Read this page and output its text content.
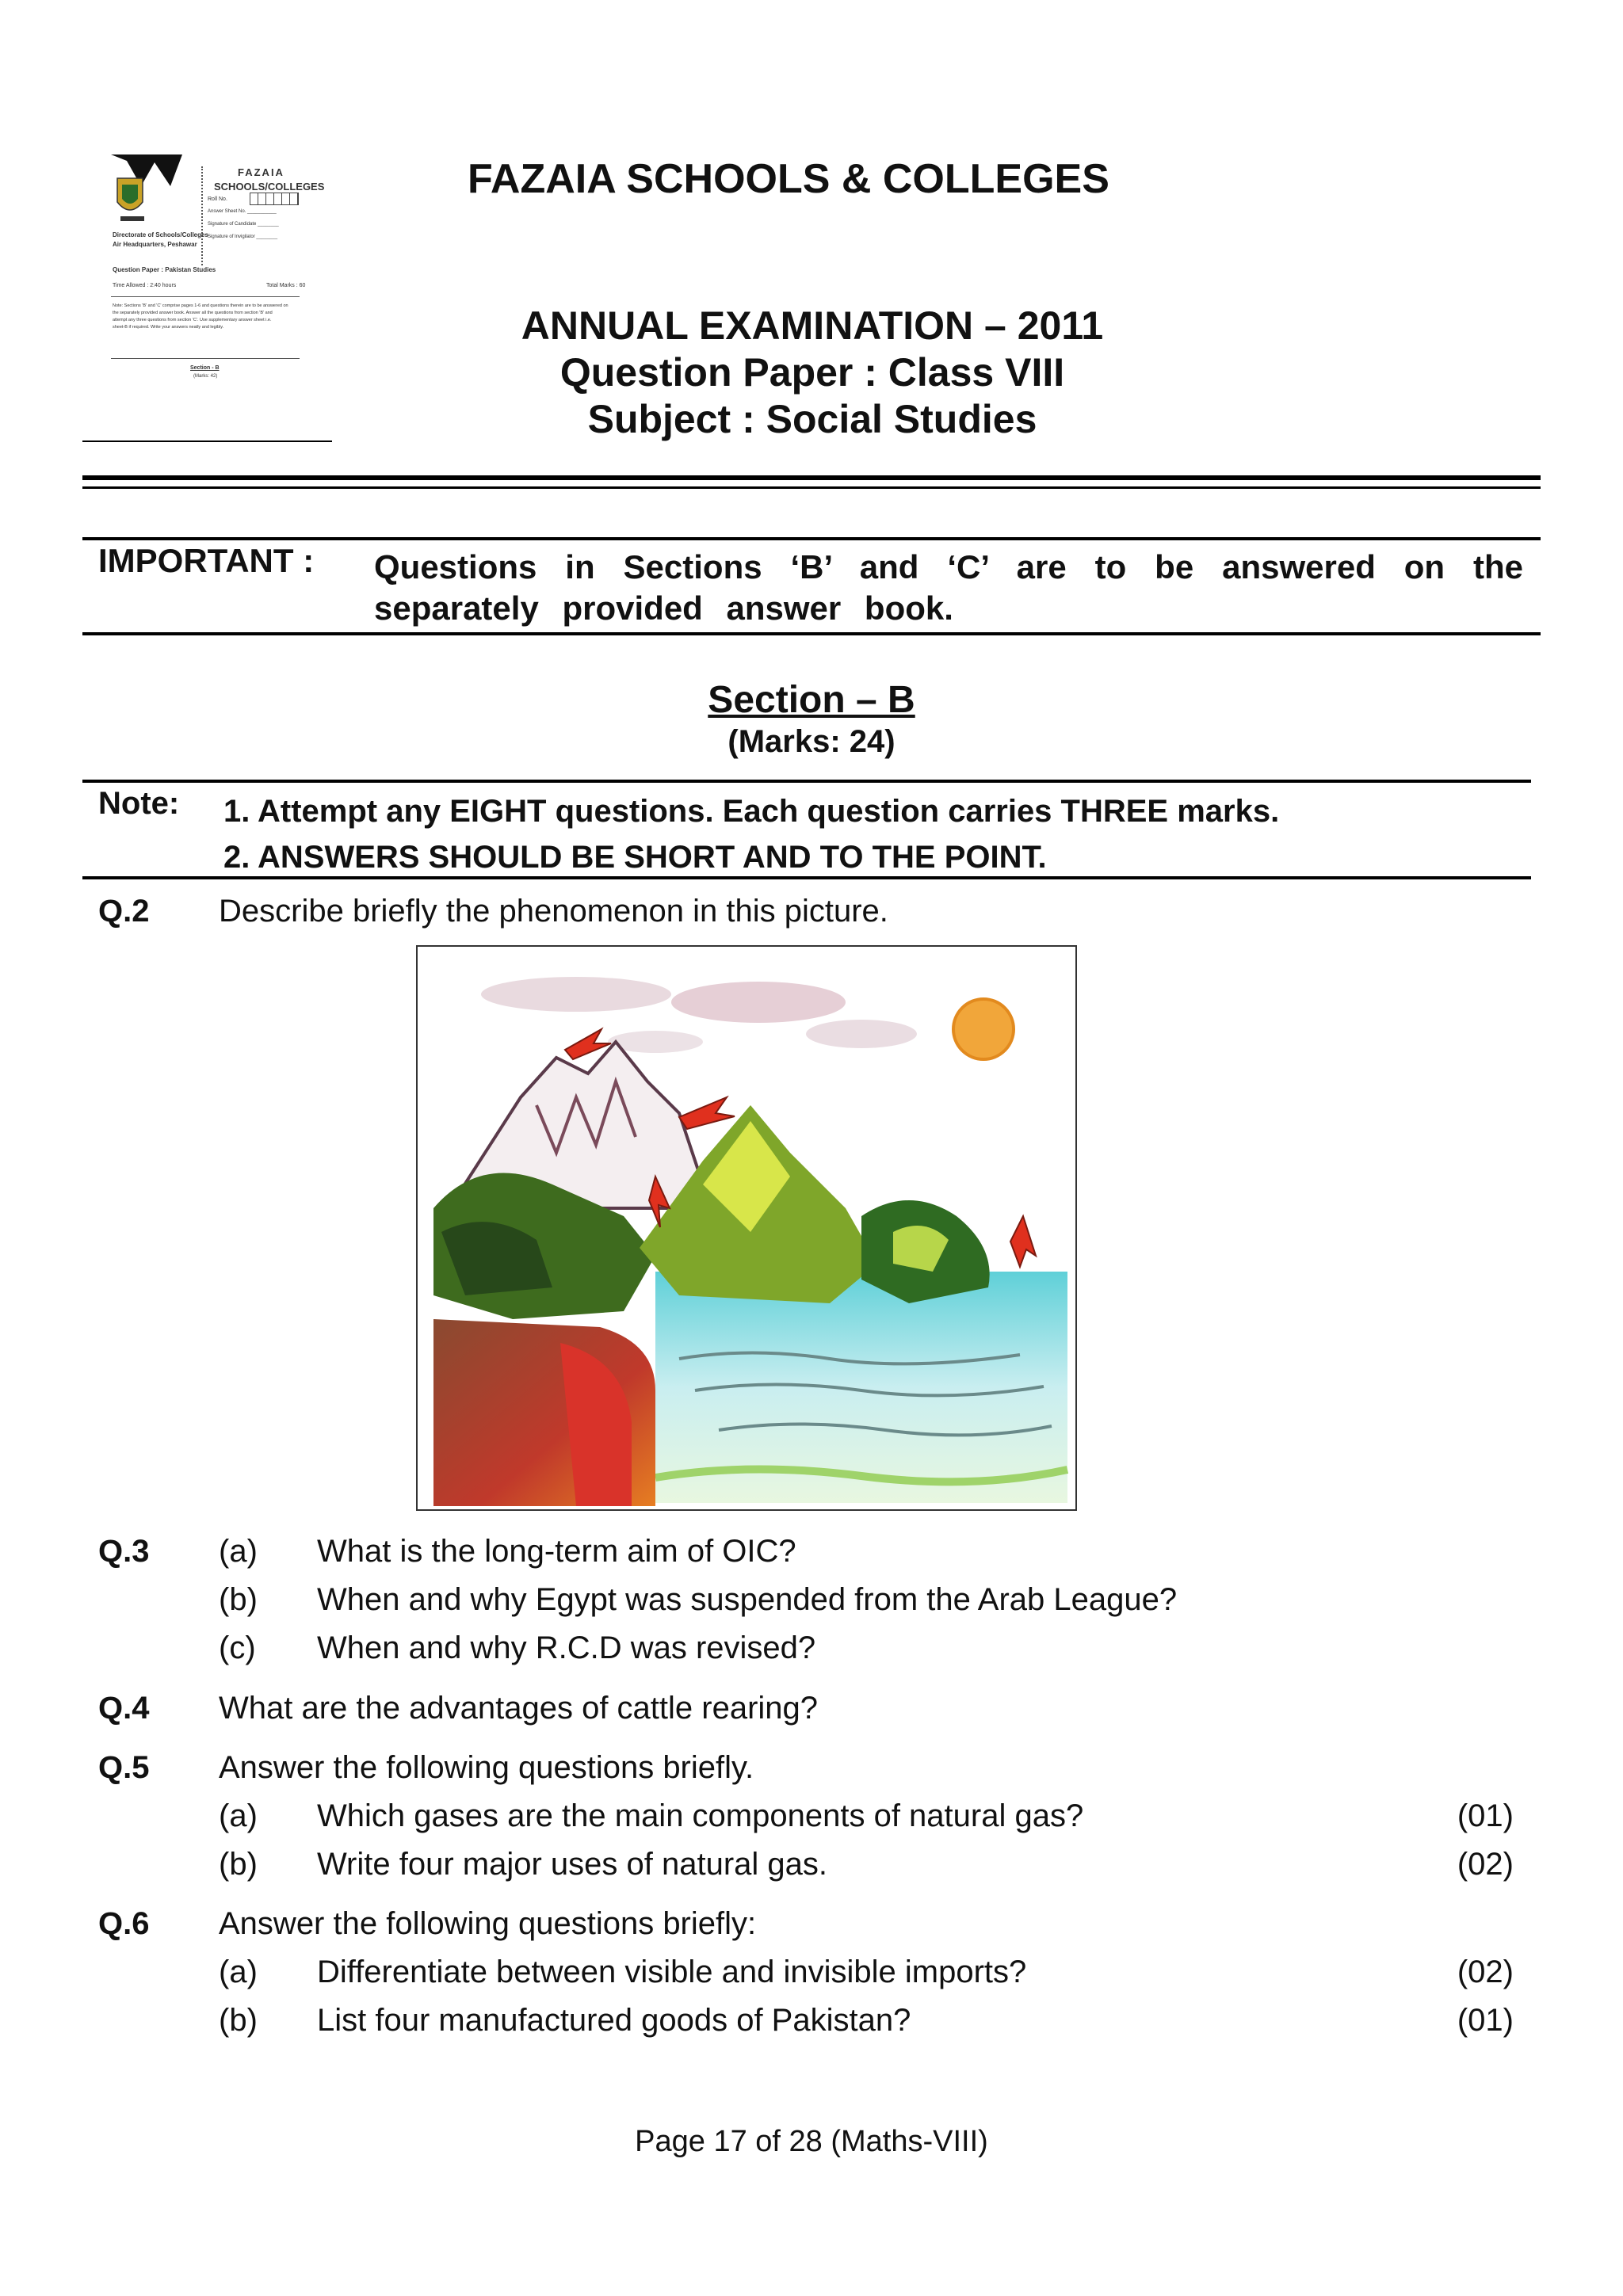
FAZAIA
SCHOOLS/COLLEGES
Roll No.
Answer Sheet No. ___________
Signature of Candidate ________
Signature of Invigilator ________
Directorate of Schools/Colleges
Air Headquarters, Peshawar
Question Paper : Pakistan Studies
Time Allowed : 2:40 hours	Total Marks : 60
Note: Sections 'B' and 'C' comprise pages 1-6 and questions therein are to be answered on
the separately provided answer book. Answer all the questions from section 'B' and
attempt any three questions from section 'C'. Use supplementary answer sheet i.e.
sheet-B if required. Write your answers neatly and legibly.
Section - B
(Marks: 42)
FAZAIA SCHOOLS & COLLEGES
ANNUAL EXAMINATION – 2011
Question Paper : Class VIII
Subject : Social Studies
IMPORTANT : Questions in Sections ‘B’ and ‘C’ are to be answered on the separately provided answer book.
Section – B
(Marks: 24)
Note: 1. Attempt any EIGHT questions. Each question carries THREE marks.
2. ANSWERS SHOULD BE SHORT AND TO THE POINT.
Q.2 Describe briefly the phenomenon in this picture.
Q.3 (a) What is the long-term aim of OIC?
(b) When and why Egypt was suspended from the Arab League?
(c) When and why R.C.D was revised?
Q.4 What are the advantages of cattle rearing?
Q.5 Answer the following questions briefly.
(a) Which gases are the main components of natural gas?	(01)
(b) Write four major uses of natural gas.	(02)
Q.6 Answer the following questions briefly:
(a) Differentiate between visible and invisible imports?	(02)
(b) List four manufactured goods of Pakistan?	(01)
Page 17 of 28 (Maths-VIII)
